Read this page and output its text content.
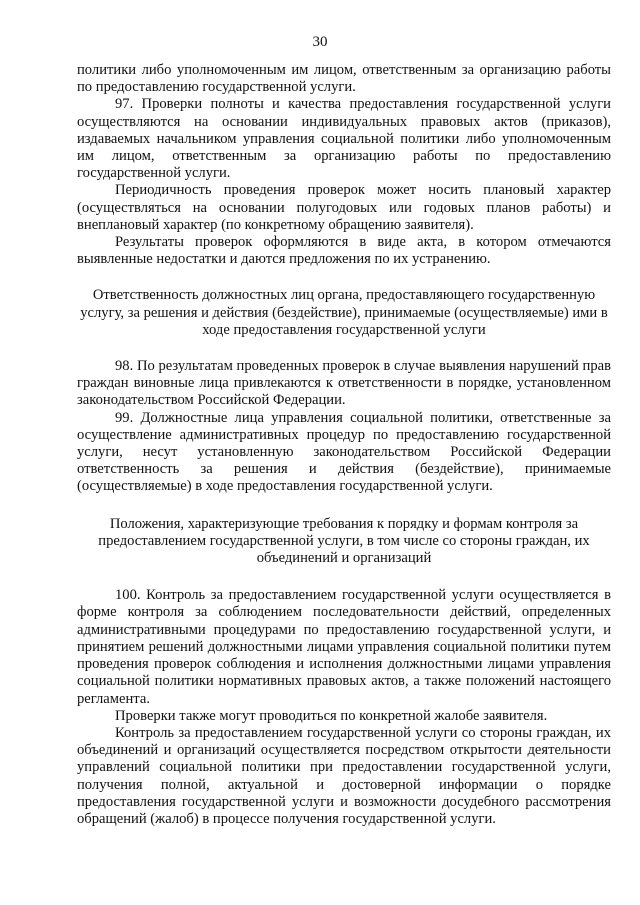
30

политики либо уполномоченным им лицом, ответственным за организацию работы по предоставлению государственной услуги.

97. Проверки полноты и качества предоставления государственной услуги осуществляются на основании индивидуальных правовых актов (приказов), издаваемых начальником управления социальной политики либо уполномоченным им лицом, ответственным за организацию работы по предоставлению государственной услуги.

Периодичность проведения проверок может носить плановый характер (осуществляться на основании полугодовых или годовых планов работы) и внеплановый характер (по конкретному обращению заявителя).

Результаты проверок оформляются в виде акта, в котором отмечаются выявленные недостатки и даются предложения по их устранению.

Ответственность должностных лиц органа, предоставляющего государственную услугу, за решения и действия (бездействие), принимаемые (осуществляемые) ими в ходе предоставления государственной услуги

98. По результатам проведенных проверок в случае выявления нарушений прав граждан виновные лица привлекаются к ответственности в порядке, установленном законодательством Российской Федерации.

99. Должностные лица управления социальной политики, ответственные за осуществление административных процедур по предоставлению государственной услуги, несут установленную законодательством Российской Федерации ответственность за решения и действия (бездействие), принимаемые (осуществляемые) в ходе предоставления государственной услуги.

Положения, характеризующие требования к порядку и формам контроля за предоставлением государственной услуги, в том числе со стороны граждан, их объединений и организаций

100. Контроль за предоставлением государственной услуги осуществляется в форме контроля за соблюдением последовательности действий, определенных административными процедурами по предоставлению государственной услуги, и принятием решений должностными лицами управления социальной политики путем проведения проверок соблюдения и исполнения должностными лицами управления социальной политики нормативных правовых актов, а также положений настоящего регламента.

Проверки также могут проводиться по конкретной жалобе заявителя.

Контроль за предоставлением государственной услуги со стороны граждан, их объединений и организаций осуществляется посредством открытости деятельности управлений социальной политики при предоставлении государственной услуги, получения полной, актуальной и достоверной информации о порядке предоставления государственной услуги и возможности досудебного рассмотрения обращений (жалоб) в процессе получения государственной услуги.
